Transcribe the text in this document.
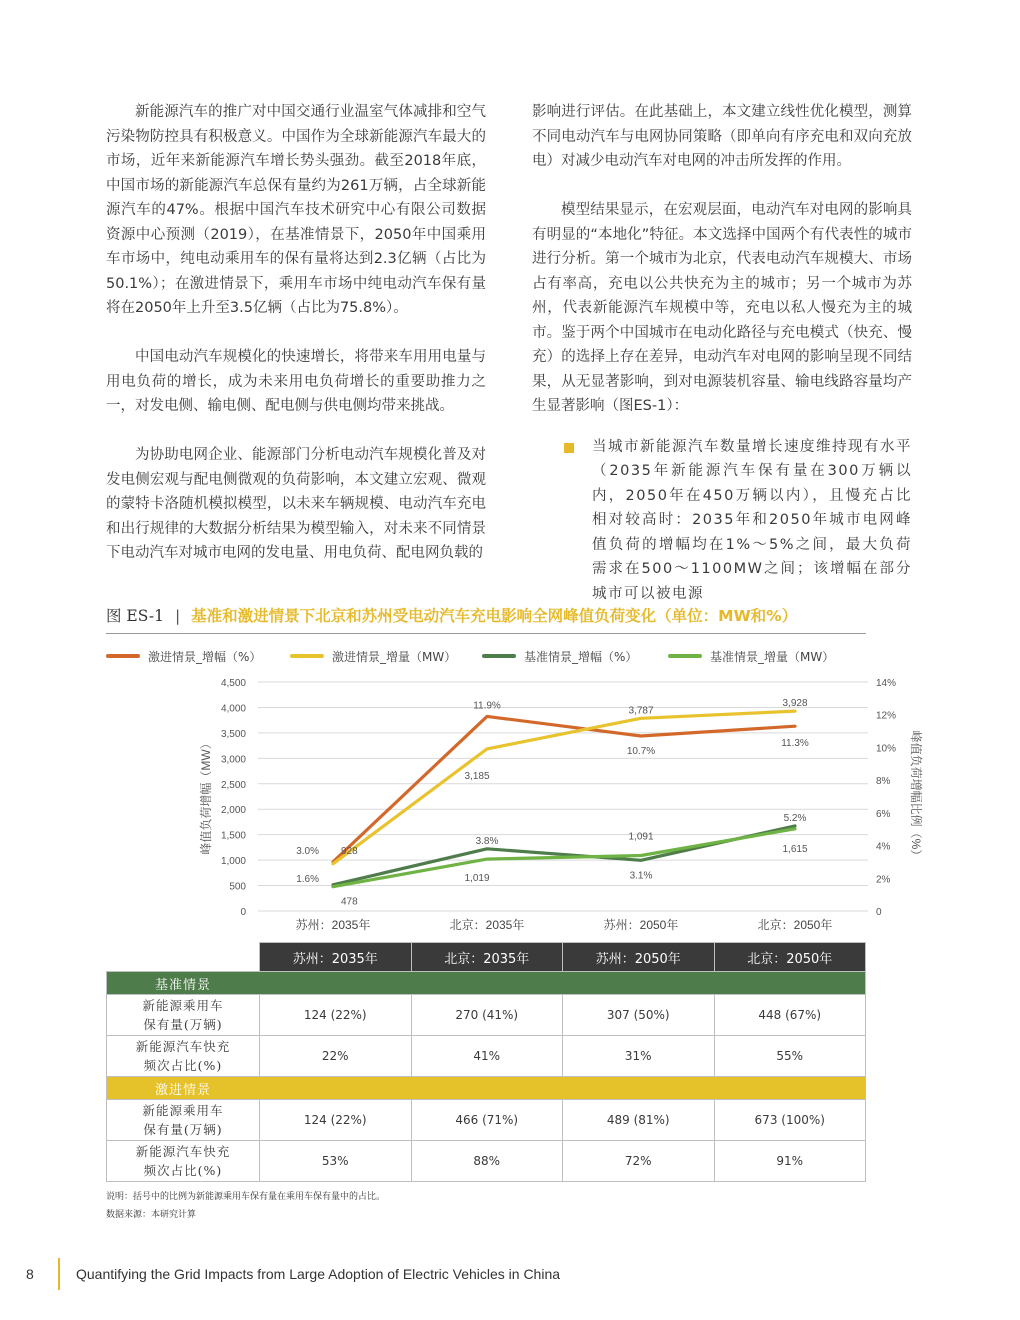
新能源汽车的推广对中国交通行业温室气体减排和空气污染物防控具有积极意义。中国作为全球新能源汽车最大的市场，近年来新能源汽车增长势头强劲。截至2018年底，中国市场的新能源汽车总保有量约为261万辆，占全球新能源汽车的47%。根据中国汽车技术研究中心有限公司数据资源中心预测（2019），在基准情景下，2050年中国乘用车市场中，纯电动乘用车的保有量将达到2.3亿辆（占比为50.1%）；在激进情景下，乘用车市场中纯电动汽车保有量将在2050年上升至3.5亿辆（占比为75.8%）。

中国电动汽车规模化的快速增长，将带来车用用电量与用电负荷的增长，成为未来用电负荷增长的重要助推力之一，对发电侧、输电侧、配电侧与供电侧均带来挑战。

为协助电网企业、能源部门分析电动汽车规模化普及对发电侧宏观与配电侧微观的负荷影响，本文建立宏观、微观的蒙特卡洛随机模拟模型，以未来车辆规模、电动汽车充电和出行规律的大数据分析结果为模型输入，对未来不同情景下电动汽车对城市电网的发电量、用电负荷、配电网负载的

影响进行评估。在此基础上，本文建立线性优化模型，测算不同电动汽车与电网协同策略（即单向有序充电和双向充放电）对减少电动汽车对电网的冲击所发挥的作用。

模型结果显示，在宏观层面，电动汽车对电网的影响具有明显的“本地化”特征。本文选择中国两个有代表性的城市进行分析。第一个城市为北京，代表电动汽车规模大、市场占有率高，充电以公共快充为主的城市；另一个城市为苏州，代表新能源汽车规模中等，充电以私人慢充为主的城市。鉴于两个中国城市在电动化路径与充电模式（快充、慢充）的选择上存在差异，电动汽车对电网的影响呈现不同结果，从无显著影响，到对电源装机容量、输电线路容量均产生显著影响（图ES-1）：

当城市新能源汽车数量增长速度维持现有水平（2035年新能源汽车保有量在300万辆以内，2050年在450万辆以内），且慢充占比相对较高时：2035年和2050年城市电网峰值负荷的增幅均在1%～5%之间，最大负荷需求在500～1100MW之间；该增幅在部分城市可以被电源

图 ES-1 | 基准和激进情景下北京和苏州受电动汽车充电影响全网峰值负荷变化（单位：MW和%）
激进情景_增幅（%）	激进情景_增量（MW）	基准情景_增幅（%）	基准情景_增量（MW）
0
500
1,000
1,500
2,000
2,500
3,000
3,500
4,000
4,500
0
2%
4%
6%
8%
10%
12%
14%
苏州：2035年	北京：2035年	苏州：2050年	北京：2050年
峰值负荷增幅（MW）	峰值负荷增幅比例（%）
3.0%
11.9%
10.7%
11.3%
928
3,185
3,787
3,928
1.6%
3.8%
3.1%
5.2%
478
1,019
1,091
1,615
	苏州：2035年	北京：2035年	苏州：2050年	北京：2050年
基准情景				
新能源乘用车
保有量(万辆)	124 (22%)	270 (41%)	307 (50%)	448 (67%)
新能源汽车快充
频次占比(%)	22%	41%	31%	55%
激进情景				
新能源乘用车
保有量(万辆)	124 (22%)	466 (71%)	489 (81%)	673 (100%)
新能源汽车快充
频次占比(%)	53%	88%	72%	91%
说明：括号中的比例为新能源乘用车保有量在乘用车保有量中的占比。
数据来源：本研究计算
8	Quantifying the Grid Impacts from Large Adoption of Electric Vehicles in China
